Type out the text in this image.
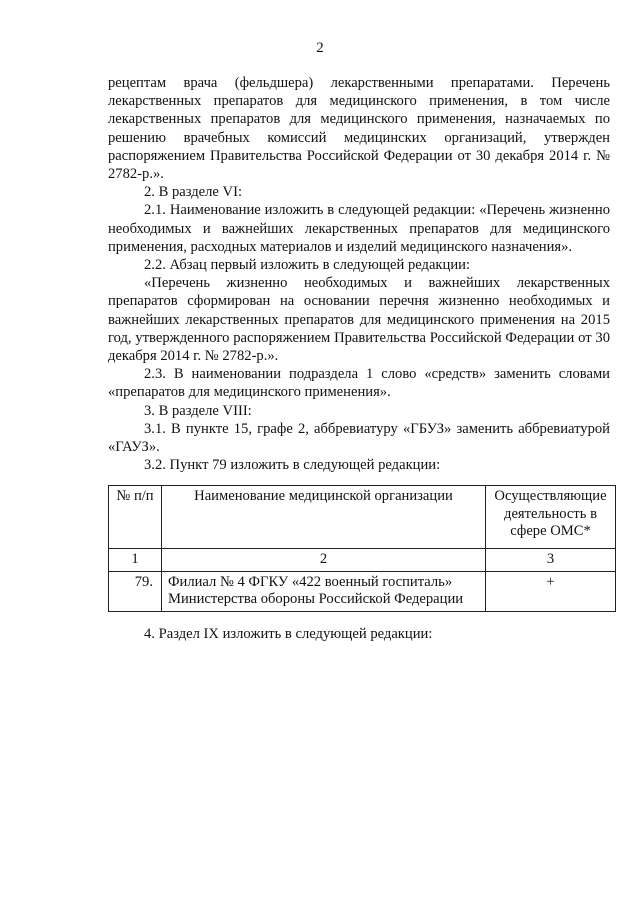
2

рецептам врача (фельдшера) лекарственными препаратами. Перечень лекарственных препаратов для медицинского применения, в том числе лекарственных препаратов для медицинского применения, назначаемых по решению врачебных комиссий медицинских организаций, утвержден распоряжением Правительства Российской Федерации от 30 декабря 2014 г. № 2782-р.».

2. В разделе VI:

2.1. Наименование изложить в следующей редакции: «Перечень жизненно необходимых и важнейших лекарственных препаратов для медицинского применения, расходных материалов и изделий медицинского назначения».

2.2. Абзац первый изложить в следующей редакции:

«Перечень жизненно необходимых и важнейших лекарственных препаратов сформирован на основании перечня жизненно необходимых и важнейших лекарственных препаратов для медицинского применения на 2015 год, утвержденного распоряжением Правительства Российской Федерации от 30 декабря 2014 г. № 2782-р.».

2.3. В наименовании подраздела 1 слово «средств» заменить словами «препаратов для медицинского применения».

3. В разделе VIII:

3.1. В пункте 15, графе 2, аббревиатуру «ГБУЗ» заменить аббревиатурой «ГАУЗ».

3.2. Пункт 79 изложить в следующей редакции:

№ п/п	Наименование медицинской организации	Осуществляющие деятельность в сфере ОМС*
1	2	3
79.	Филиал № 4 ФГКУ «422 военный госпиталь» Министерства обороны Российской Федерации	+

4. Раздел IX изложить в следующей редакции:
